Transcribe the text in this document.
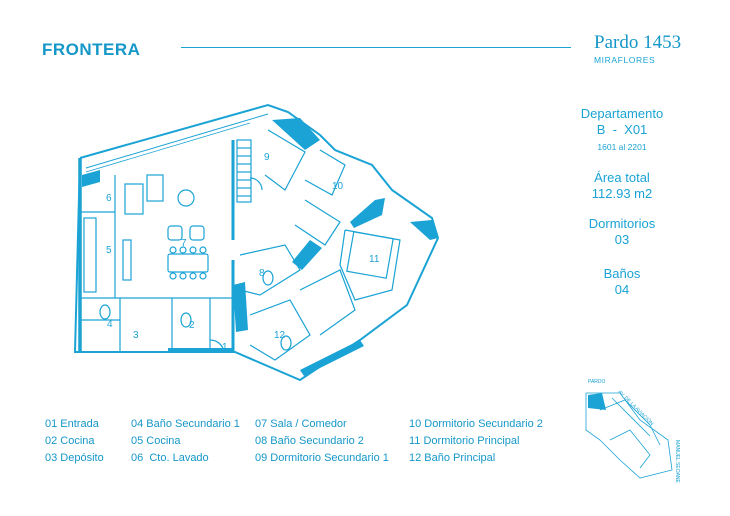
FRONTERA	Pardo 1453
MIRAFLORES
Departamento
B  -  X01
1601 al 2201
Área total
112.93 m2
Dormitorios
03
Baños
04
1
2
3
4
5
6
7
8
9
10
11
12
PARDO
AV. DE LA AVIACIÓN
MANUEL SEOANE
01 Entrada
02 Cocina
03 Depósito
04 Baño Secundario 1
05 Cocina
06  Cto. Lavado
07 Sala / Comedor
08 Baño Secundario 2
09 Dormitorio Secundario 1
10 Dormitorio Secundario 2
11 Dormitorio Principal
12 Baño Principal
